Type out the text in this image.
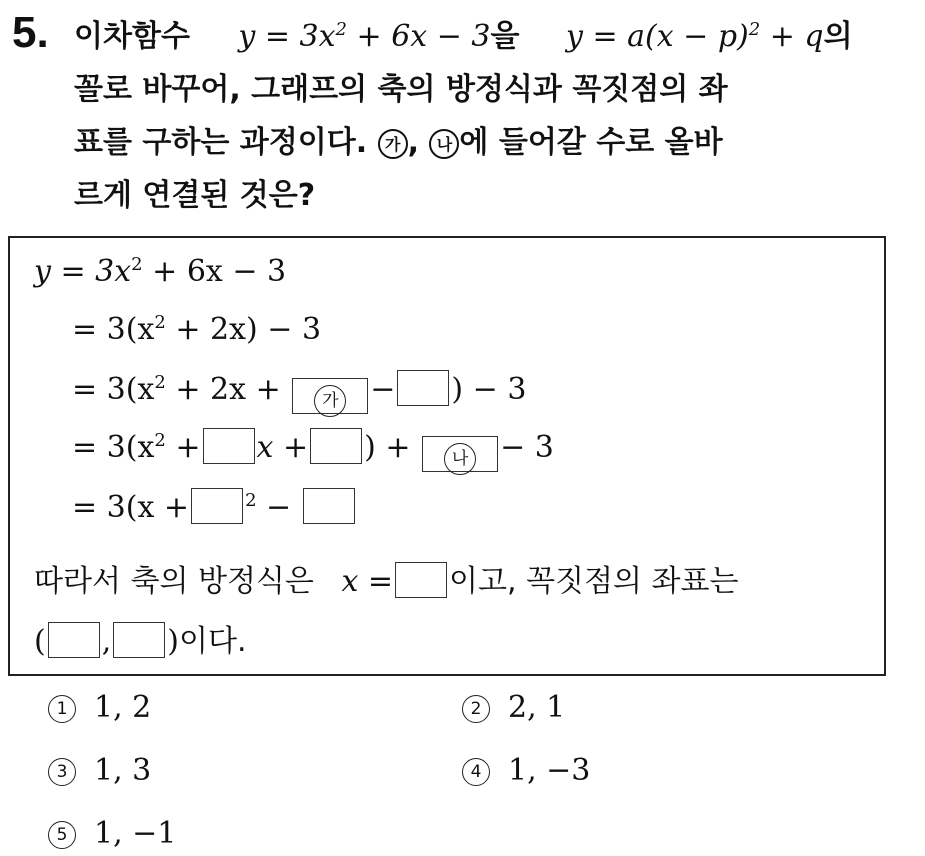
5. 이차함수 $y = 3x^2 + 6x - 3$을 $y = a(x - p)^2 + q$의
꼴로 바꾸어, 그래프의 축의 방정식과 꼭짓점의 좌
표를 구하는 과정이다. 가 , 나 에 들어갈 수로 올바
르게 연결된 것은?
$y = 3x^2 + 6x - 3$
= $3(x^2 + 2x) - 3$
= $3(x^2 + 2x$ + 가 − ) − 3
= $3(x^2 + x$ + ) + 나 − 3
= 3(x +	$^2$ −
따라서 축의 방정식은 x = 이고, 꼭짓점의 좌표는
( , )이다.
1 1, 2	2 2, 1
3 1, 3	4 1, −3
5 1, −1
